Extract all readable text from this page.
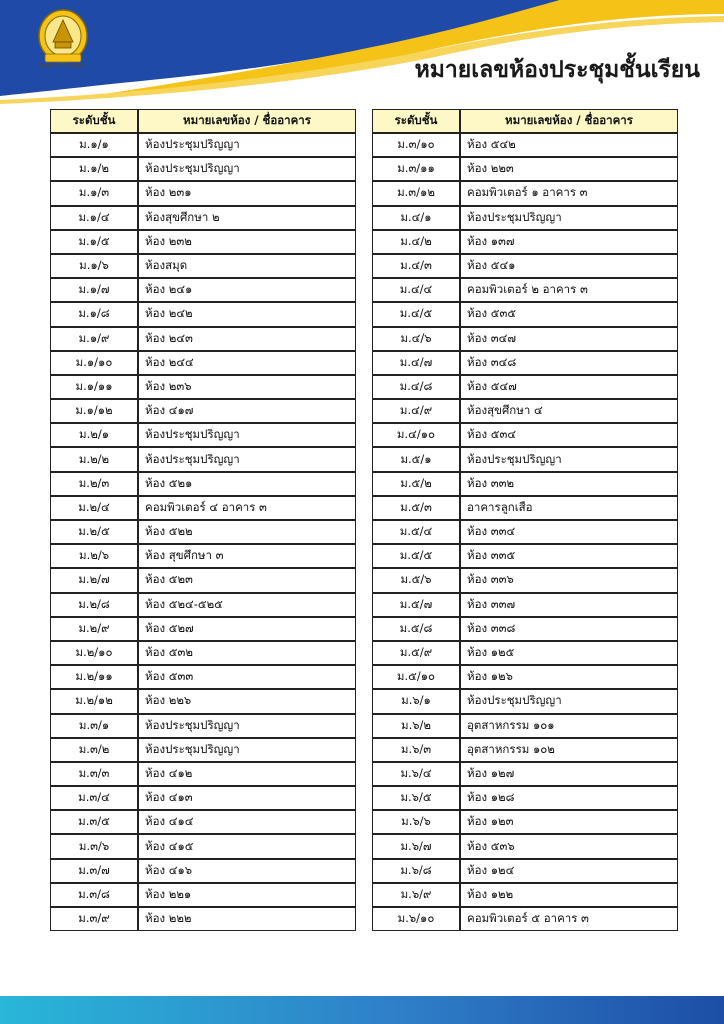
โรงเรียนวัดนางนองวรวิหาร	หมายเลขห้องประชุมชั้นเรียน
ระดับชั้น	หมายเลขห้อง / ชื่ออาคาร
ม.๑/๑	ห้องประชุมปริญญา
ม.๑/๒	ห้องประชุมปริญญา
ม.๑/๓	ห้อง ๒๓๑
ม.๑/๔	ห้องสุขศึกษา ๒
ม.๑/๕	ห้อง ๒๓๒
ม.๑/๖	ห้องสมุด
ม.๑/๗	ห้อง ๒๔๑
ม.๑/๘	ห้อง ๒๔๒
ม.๑/๙	ห้อง ๒๔๓
ม.๑/๑๐	ห้อง ๒๔๔
ม.๑/๑๑	ห้อง ๒๓๖
ม.๑/๑๒	ห้อง ๔๑๗
ม.๒/๑	ห้องประชุมปริญญา
ม.๒/๒	ห้องประชุมปริญญา
ม.๒/๓	ห้อง ๕๒๑
ม.๒/๔	คอมพิวเตอร์ ๔ อาคาร ๓
ม.๒/๕	ห้อง ๕๒๒
ม.๒/๖	ห้อง สุขศึกษา ๓
ม.๒/๗	ห้อง ๕๒๓
ม.๒/๘	ห้อง ๕๒๔-๕๒๕
ม.๒/๙	ห้อง ๕๒๗
ม.๒/๑๐	ห้อง ๕๓๒
ม.๒/๑๑	ห้อง ๕๓๓
ม.๒/๑๒	ห้อง ๒๒๖
ม.๓/๑	ห้องประชุมปริญญา
ม.๓/๒	ห้องประชุมปริญญา
ม.๓/๓	ห้อง ๔๑๒
ม.๓/๔	ห้อง ๔๑๓
ม.๓/๕	ห้อง ๔๑๔
ม.๓/๖	ห้อง ๔๑๕
ม.๓/๗	ห้อง ๔๑๖
ม.๓/๘	ห้อง ๒๒๑
ม.๓/๙	ห้อง ๒๒๒
ระดับชั้น	หมายเลขห้อง / ชื่ออาคาร
ม.๓/๑๐	ห้อง ๕๔๒
ม.๓/๑๑	ห้อง ๒๒๓
ม.๓/๑๒	คอมพิวเตอร์ ๑ อาคาร ๓
ม.๔/๑	ห้องประชุมปริญญา
ม.๔/๒	ห้อง ๑๓๗
ม.๔/๓	ห้อง ๕๔๑
ม.๔/๔	คอมพิวเตอร์ ๒ อาคาร ๓
ม.๔/๕	ห้อง ๕๓๕
ม.๔/๖	ห้อง ๓๔๗
ม.๔/๗	ห้อง ๓๔๘
ม.๔/๘	ห้อง ๕๔๗
ม.๔/๙	ห้องสุขศึกษา ๔
ม.๔/๑๐	ห้อง ๕๓๔
ม.๕/๑	ห้องประชุมปริญญา
ม.๕/๒	ห้อง ๓๓๒
ม.๕/๓	อาคารลูกเสือ
ม.๕/๔	ห้อง ๓๓๔
ม.๕/๕	ห้อง ๓๓๕
ม.๕/๖	ห้อง ๓๓๖
ม.๕/๗	ห้อง ๓๓๗
ม.๕/๘	ห้อง ๓๓๘
ม.๕/๙	ห้อง ๑๒๕
ม.๕/๑๐	ห้อง ๑๒๖
ม.๖/๑	ห้องประชุมปริญญา
ม.๖/๒	อุตสาหกรรม ๑๐๑
ม.๖/๓	อุตสาหกรรม ๑๐๒
ม.๖/๔	ห้อง ๑๒๗
ม.๖/๕	ห้อง ๑๒๘
ม.๖/๖	ห้อง ๑๒๓
ม.๖/๗	ห้อง ๕๓๖
ม.๖/๘	ห้อง ๑๒๔
ม.๖/๙	ห้อง ๑๒๒
ม.๖/๑๐	คอมพิวเตอร์ ๕ อาคาร ๓
